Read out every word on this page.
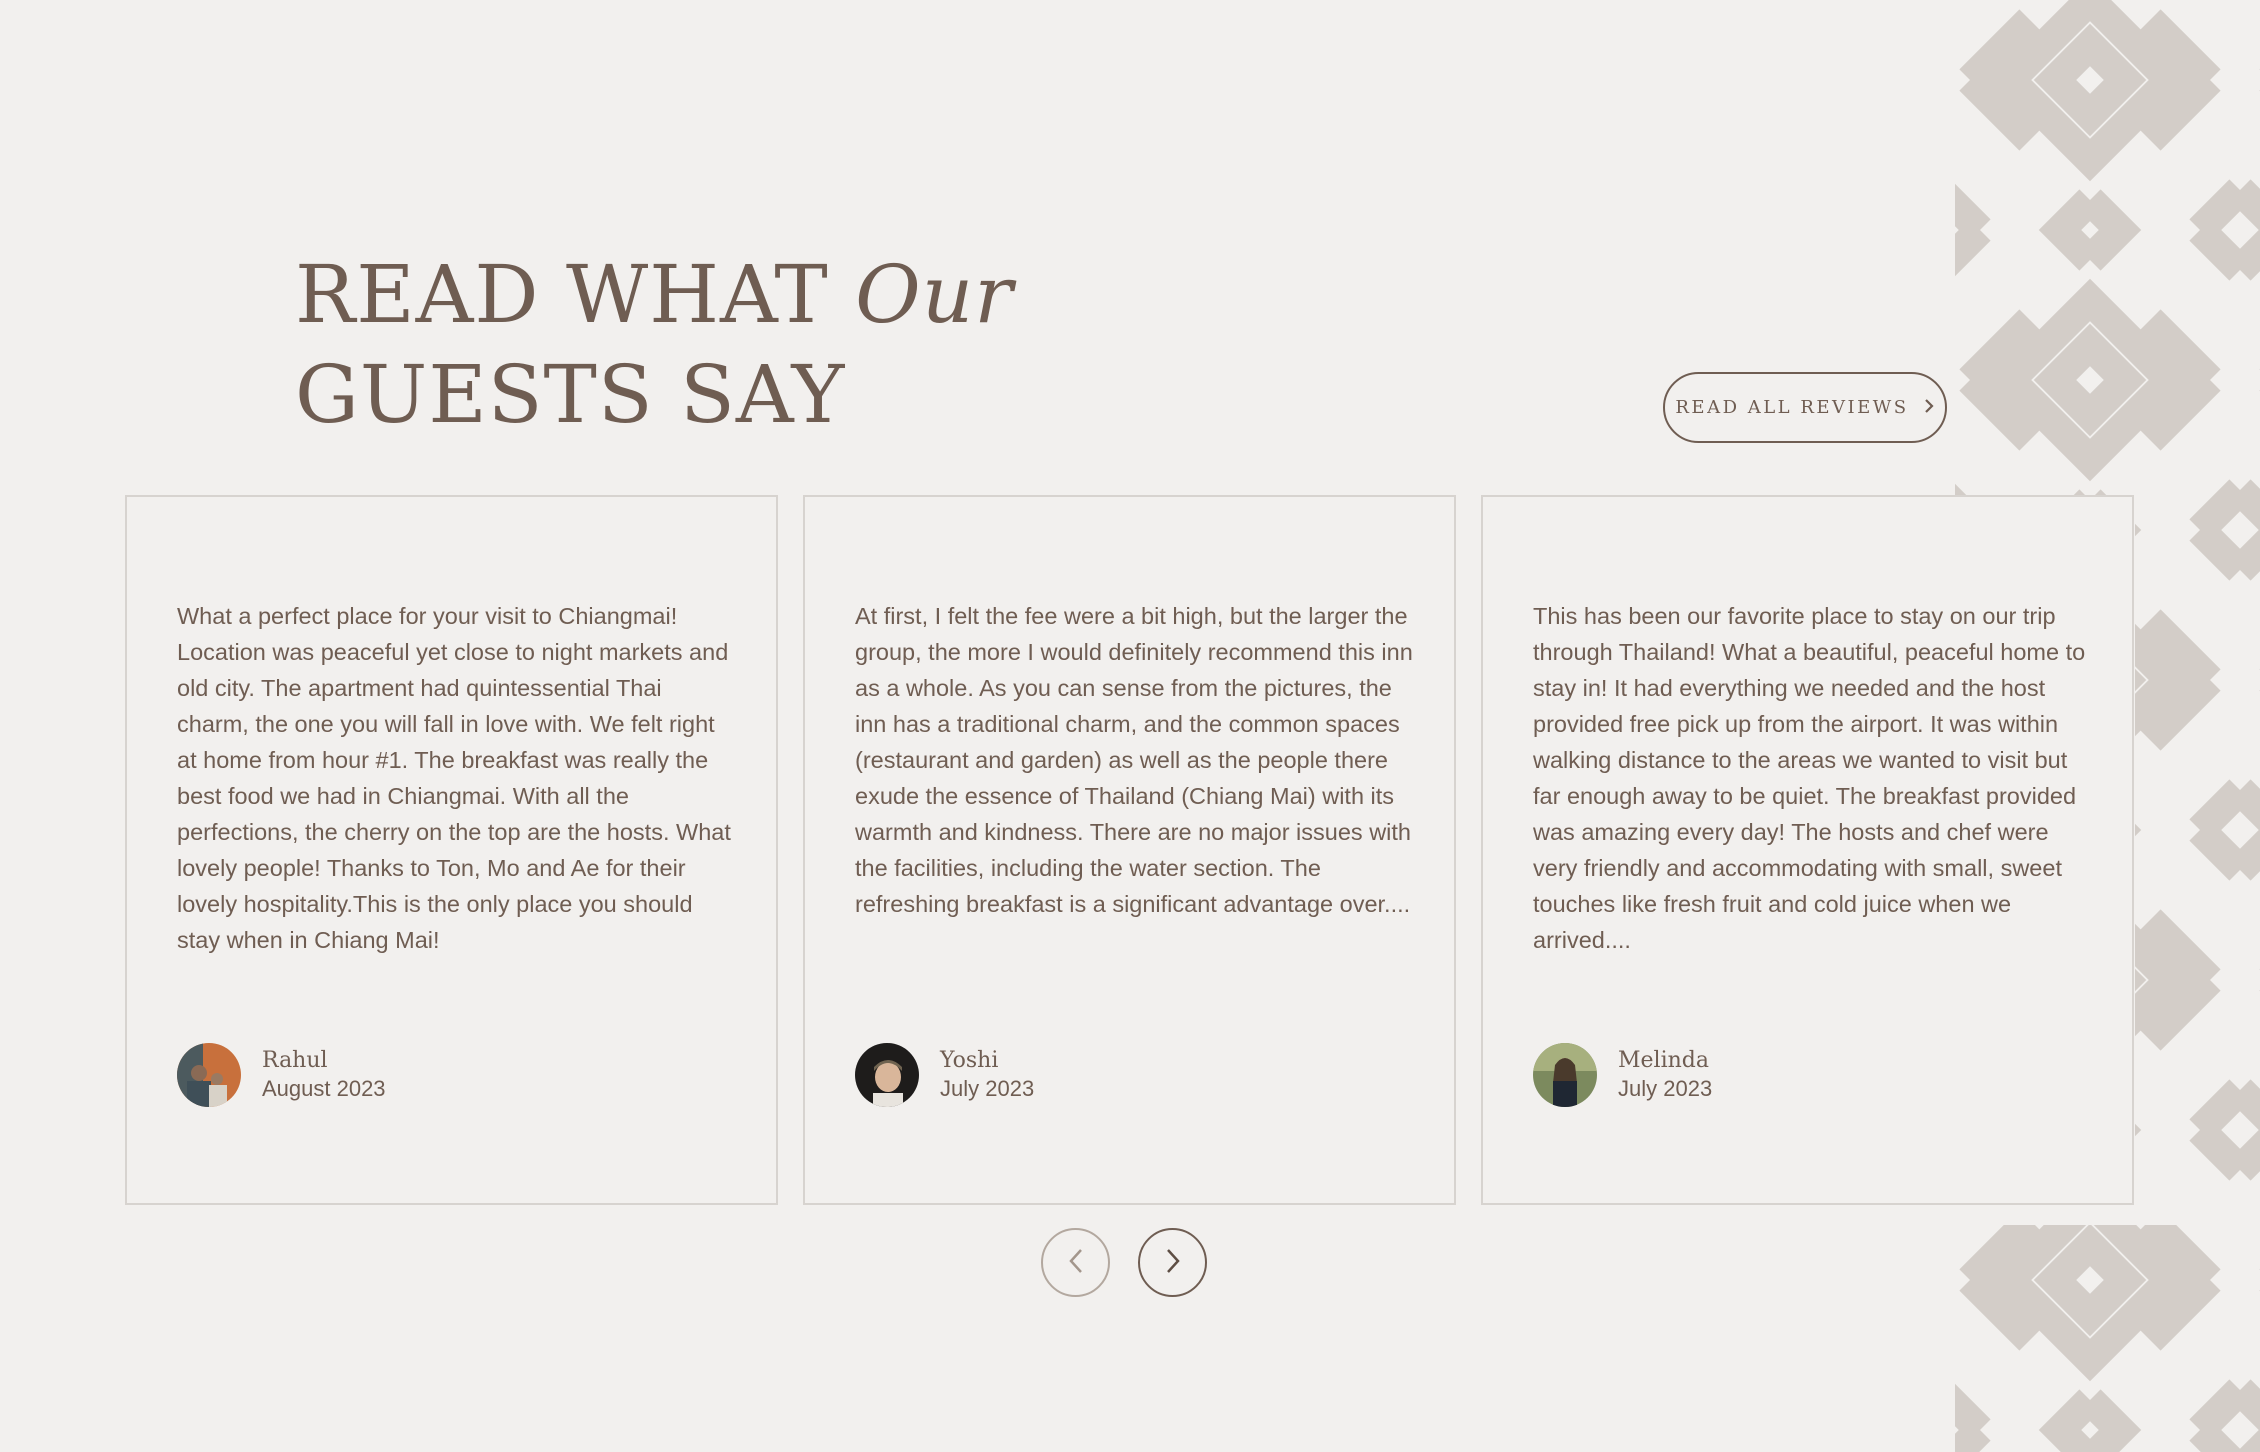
READ WHAT Our
GUESTS SAY	READ ALL REVIEWS

What a perfect place for your visit to Chiangmai! Location was peaceful yet close to night markets and old city. The apartment had quintessential Thai charm, the one you will fall in love with. We felt right at home from hour #1. The breakfast was really the best food we had in Chiangmai. With all the perfections, the cherry on the top are the hosts. What lovely people! Thanks to Ton, Mo and Ae for their lovely hospitality.This is the only place you should stay when in Chiang Mai!

Rahul
August 2023

At first, I felt the fee were a bit high, but the larger the group, the more I would definitely recommend this inn as a whole. As you can sense from the pictures, the inn has a traditional charm, and the common spaces (restaurant and garden) as well as the people there exude the essence of Thailand (Chiang Mai) with its warmth and kindness. There are no major issues with the facilities, including the water section. The refreshing breakfast is a significant advantage over....

Yoshi
July 2023

This has been our favorite place to stay on our trip through Thailand! What a beautiful, peaceful home to stay in! It had everything we needed and the host provided free pick up from the airport. It was within walking distance to the areas we wanted to visit but far enough away to be quiet. The breakfast provided was amazing every day! The hosts and chef were very friendly and accommodating with small, sweet touches like fresh fruit and cold juice when we arrived....

Melinda
July 2023
